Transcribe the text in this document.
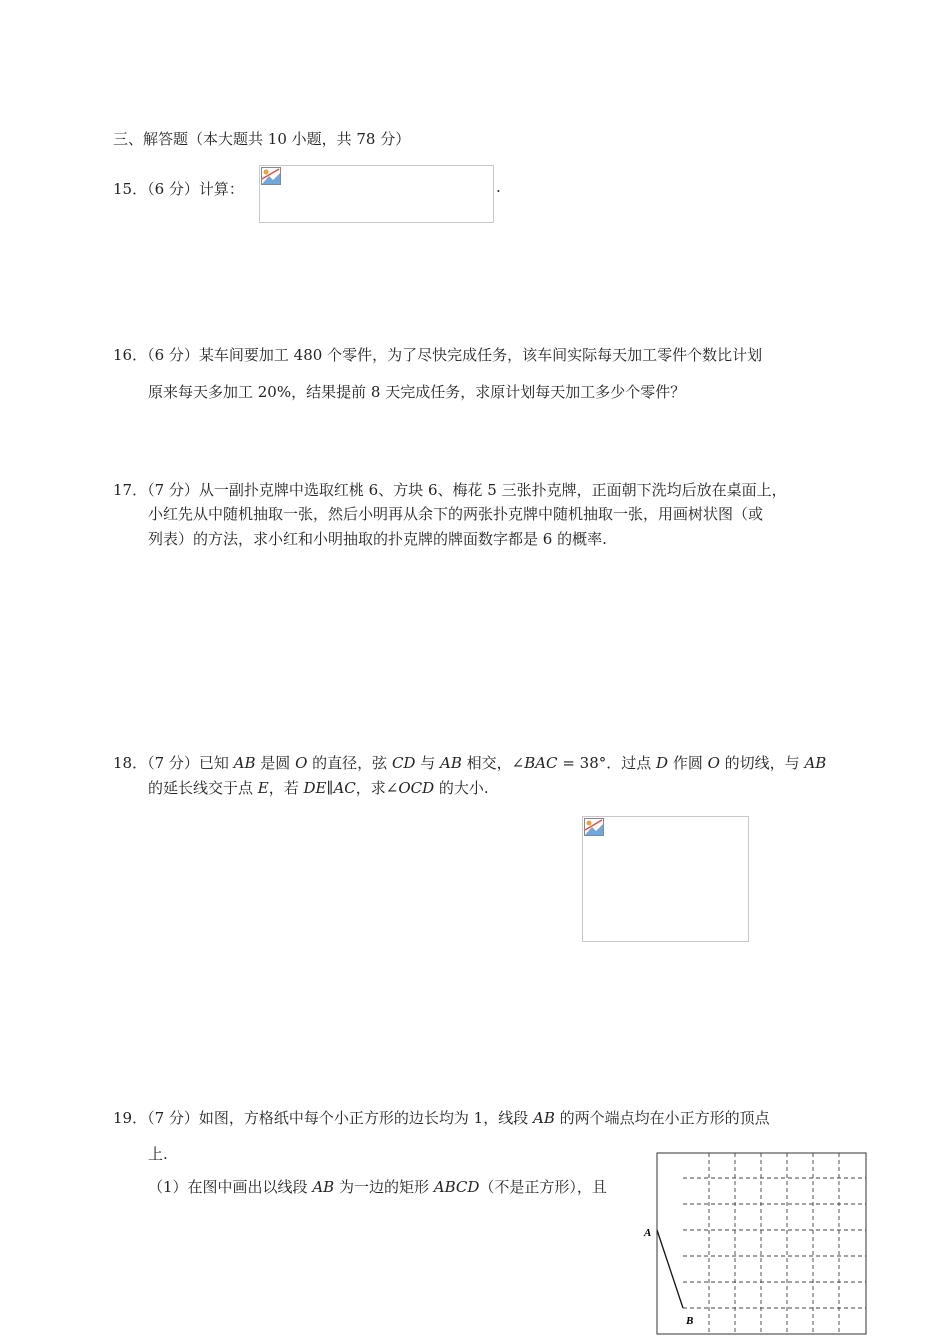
三、解答题（本大题共 10 小题，共 78 分）
15．（6 分）计算：	.
16．（6 分）某车间要加工 480 个零件，为了尽快完成任务，该车间实际每天加工零件个数比计划
原来每天多加工 20%，结果提前 8 天完成任务，求原计划每天加工多少个零件？
17．（7 分）从一副扑克牌中选取红桃 6、方块 6、梅花 5 三张扑克牌，正面朝下洗均后放在桌面上，
小红先从中随机抽取一张，然后小明再从余下的两张扑克牌中随机抽取一张，用画树状图（或
列表）的方法，求小红和小明抽取的扑克牌的牌面数字都是 6 的概率.
18．（7 分）已知 AB 是圆 O 的直径，弦 CD 与 AB 相交，∠BAC = 38°．过点 D 作圆 O 的切线，与 AB
的延长线交于点 E，若 DE∥AC，求∠OCD 的大小.
19．（7 分）如图，方格纸中每个小正方形的边长均为 1，线段 AB 的两个端点均在小正方形的顶点
上.
（1）在图中画出以线段 AB 为一边的矩形 ABCD（不是正方形），且
A
B
